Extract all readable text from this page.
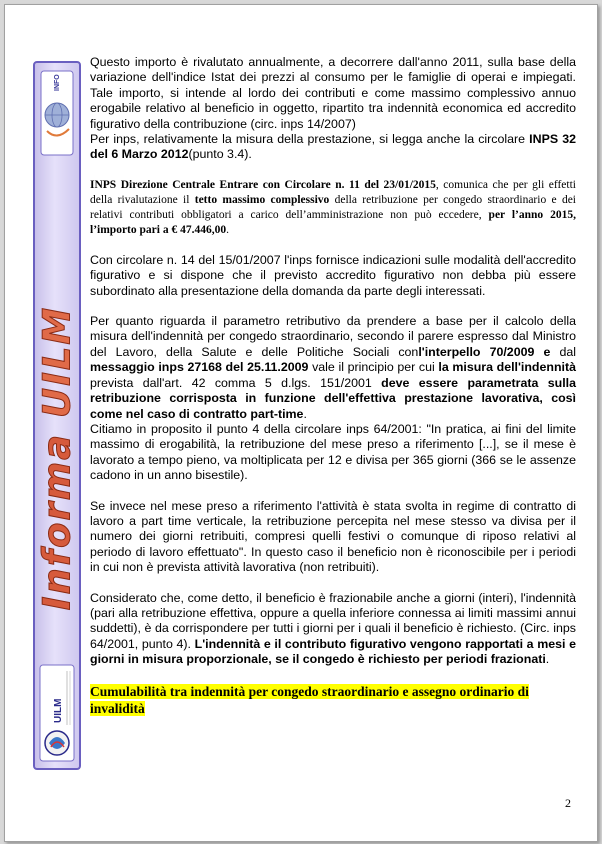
INFO
Informa UILM
UILM

Questo importo è rivalutato annualmente, a decorrere dall'anno 2011, sulla base della variazione dell'indice Istat dei prezzi al consumo per le famiglie di operai e impiegati. Tale importo, si intende al lordo dei contributi e come massimo complessivo annuo erogabile relativo al beneficio in oggetto, ripartito tra indennità economica ed accredito figurativo della contribuzione (circ. inps 14/2007)

Per inps, relativamente la misura della prestazione, si legga anche la circolare INPS 32 del 6 Marzo 2012(punto 3.4).

INPS Direzione Centrale Entrare con Circolare n. 11 del 23/01/2015, comunica che per gli effetti della rivalutazione il tetto massimo complessivo della retribuzione per congedo straordinario e dei relativi contributi obbligatori a carico dell’amministrazione non può eccedere, per l’anno 2015, l’importo pari a € 47.446,00.

Con circolare n. 14 del 15/01/2007 l'inps fornisce indicazioni sulle modalità dell'accredito figurativo e si dispone che il previsto accredito figurativo non debba più essere subordinato alla presentazione della domanda da parte degli interessati.

Per quanto riguarda il parametro retributivo da prendere a base per il calcolo della misura dell'indennità per congedo straordinario, secondo il parere espresso dal Ministro del Lavoro, della Salute e delle Politiche Sociali conl'interpello 70/2009 e dal messaggio inps 27168 del 25.11.2009 vale il principio per cui la misura dell'indennità prevista dall'art. 42 comma 5 d.lgs. 151/2001 deve essere parametrata sulla retribuzione corrisposta in funzione dell'effettiva prestazione lavorativa, così come nel caso di contratto part-time.

Citiamo in proposito il punto 4 della circolare inps 64/2001: "In pratica, ai fini del limite massimo di erogabilità, la retribuzione del mese preso a riferimento [...], se il mese è lavorato a tempo pieno, va moltiplicata per 12 e divisa per 365 giorni (366 se le assenze cadono in un anno bisestile).

Se invece nel mese preso a riferimento l'attività è stata svolta in regime di contratto di lavoro a part time verticale, la retribuzione percepita nel mese stesso va divisa per il numero dei giorni retribuiti, compresi quelli festivi o comunque di riposo relativi al periodo di lavoro effettuato". In questo caso il beneficio non è riconoscibile per i periodi in cui non è prevista attività lavorativa (non retribuiti).

Considerato che, come detto, il beneficio è frazionabile anche a giorni (interi), l'indennità (pari alla retribuzione effettiva, oppure a quella inferiore connessa ai limiti massimi annui suddetti), è da corrispondere per tutti i giorni per i quali il beneficio è richiesto. (Circ. inps 64/2001, punto 4). L'indennità e il contributo figurativo vengono rapportati a mesi e giorni in misura proporzionale, se il congedo è richiesto per periodi frazionati.

Cumulabilità tra indennità per congedo straordinario e assegno ordinario di invalidità

2
